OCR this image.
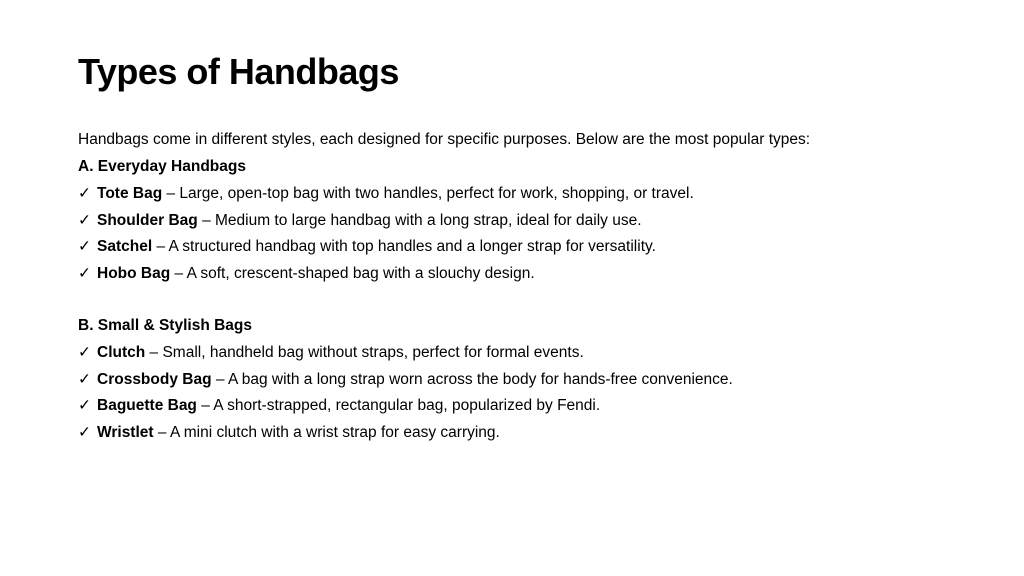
Types of Handbags
Handbags come in different styles, each designed for specific purposes. Below are the most popular types:
A. Everyday Handbags
✓ Tote Bag – Large, open-top bag with two handles, perfect for work, shopping, or travel.
✓ Shoulder Bag – Medium to large handbag with a long strap, ideal for daily use.
✓ Satchel – A structured handbag with top handles and a longer strap for versatility.
✓ Hobo Bag – A soft, crescent-shaped bag with a slouchy design.
B. Small & Stylish Bags
✓ Clutch – Small, handheld bag without straps, perfect for formal events.
✓ Crossbody Bag – A bag with a long strap worn across the body for hands-free convenience.
✓ Baguette Bag – A short-strapped, rectangular bag, popularized by Fendi.
✓ Wristlet – A mini clutch with a wrist strap for easy carrying.
